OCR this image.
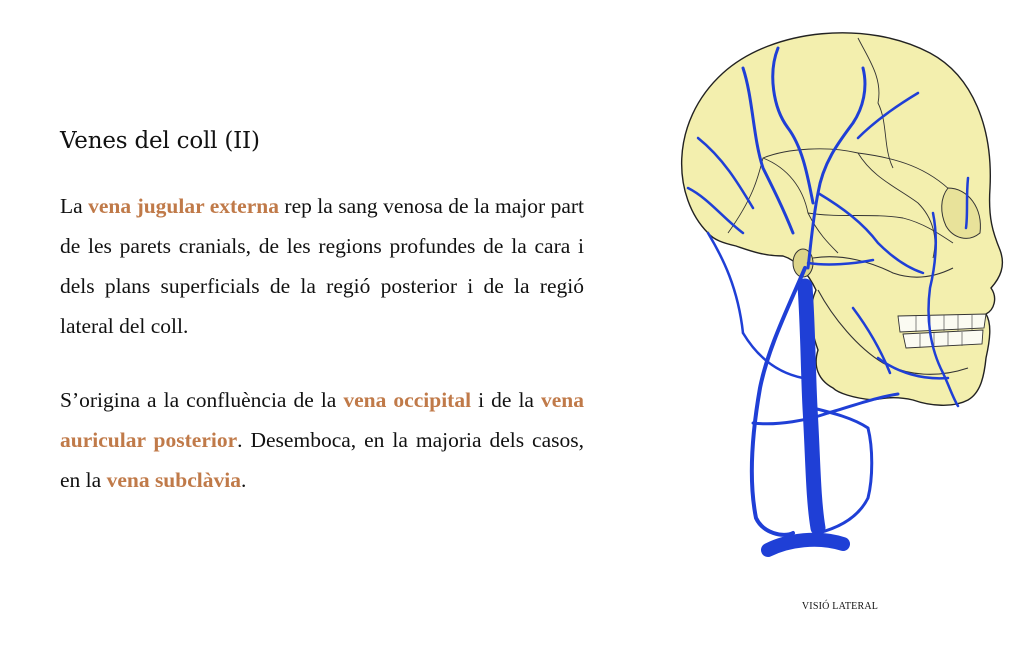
Venes del coll (II)

La vena jugular externa rep la sang venosa de la major part de les parets cranials, de les regions profundes de la cara i dels plans superficials de la regió posterior i de la regió lateral del coll.

S’origina a la confluència de la vena occipital i de la vena auricular posterior. Desemboca, en la majoria dels casos, en la vena subclàvia.

VISIÓ LATERAL
